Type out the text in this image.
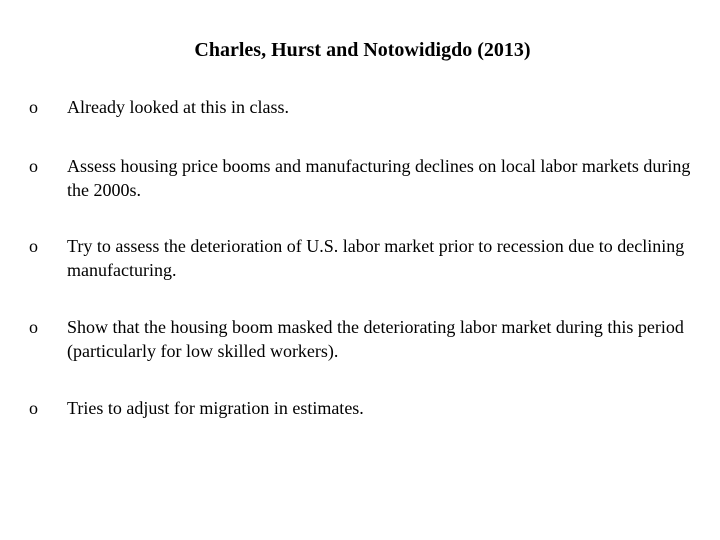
Charles, Hurst and Notowidigdo (2013)
o Already looked at this in class.
o Assess housing price booms and manufacturing declines on local labor markets during the 2000s.
o Try to assess the deterioration of U.S. labor market prior to recession due to declining manufacturing.
o Show that the housing boom masked the deteriorating labor market during this period (particularly for low skilled workers).
o Tries to adjust for migration in estimates.
